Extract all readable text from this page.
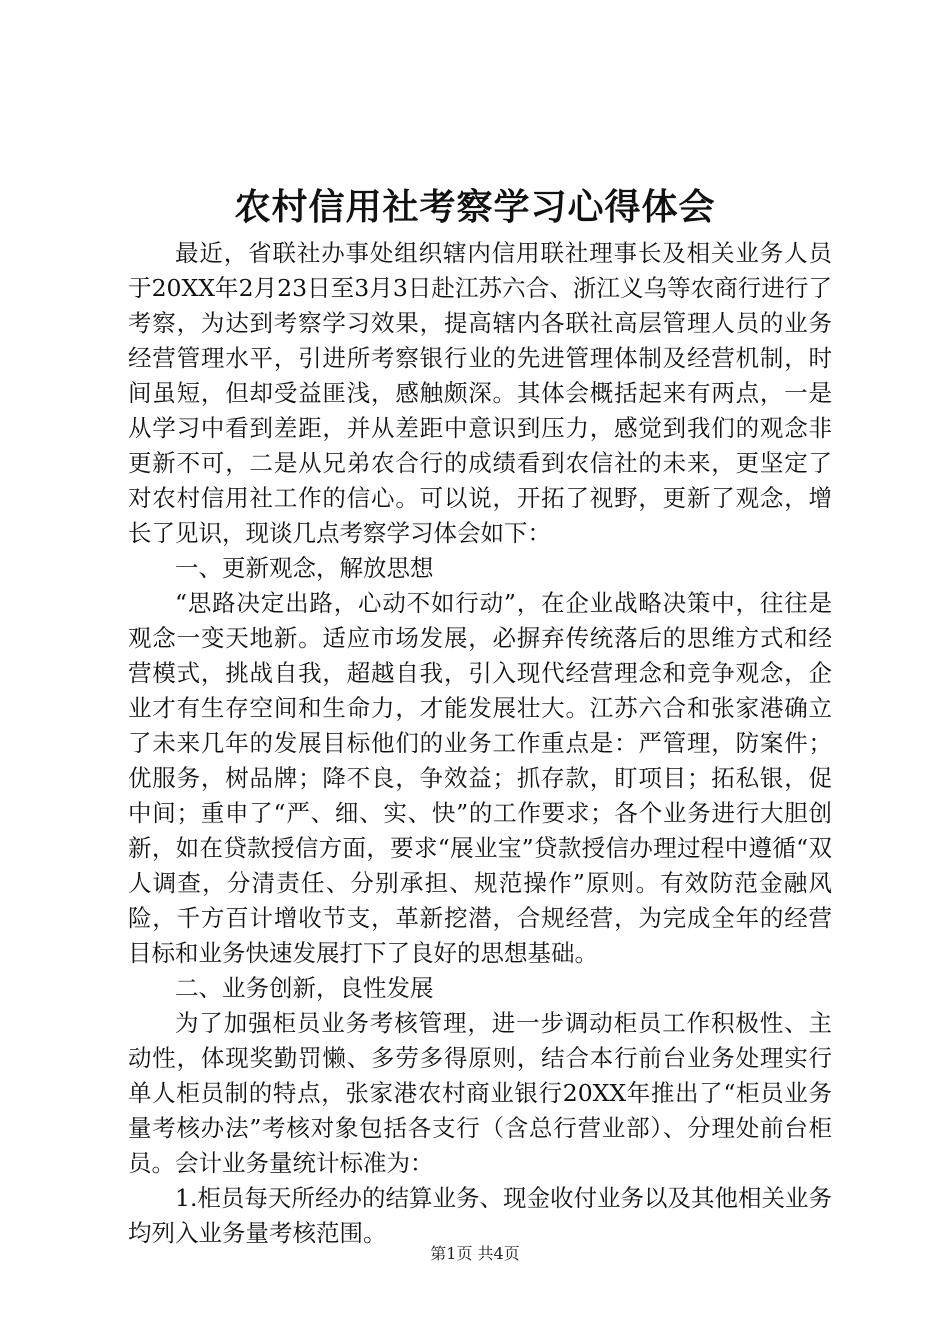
农村信用社考察学习心得体会

最近，省联社办事处组织辖内信用联社理事长及相关业务人员于20XX年2月23日至3月3日赴江苏六合、浙江义乌等农商行进行了考察，为达到考察学习效果，提高辖内各联社高层管理人员的业务经营管理水平，引进所考察银行业的先进管理体制及经营机制，时间虽短，但却受益匪浅，感触颇深。其体会概括起来有两点，一是从学习中看到差距，并从差距中意识到压力，感觉到我们的观念非更新不可，二是从兄弟农合行的成绩看到农信社的未来，更坚定了对农村信用社工作的信心。可以说，开拓了视野，更新了观念，增长了见识，现谈几点考察学习体会如下：

一、更新观念，解放思想

“思路决定出路，心动不如行动”，在企业战略决策中，往往是观念一变天地新。适应市场发展，必摒弃传统落后的思维方式和经营模式，挑战自我，超越自我，引入现代经营理念和竞争观念，企业才有生存空间和生命力，才能发展壮大。江苏六合和张家港确立了未来几年的发展目标他们的业务工作重点是：严管理，防案件；优服务，树品牌；降不良，争效益；抓存款，盯项目；拓私银，促中间；重申了“严、细、实、快”的工作要求；各个业务进行大胆创新，如在贷款授信方面，要求“展业宝”贷款授信办理过程中遵循“双人调查，分清责任、分别承担、规范操作”原则。有效防范金融风险，千方百计增收节支，革新挖潜，合规经营，为完成全年的经营目标和业务快速发展打下了良好的思想基础。

二、业务创新，良性发展

为了加强柜员业务考核管理，进一步调动柜员工作积极性、主动性，体现奖勤罚懒、多劳多得原则，结合本行前台业务处理实行单人柜员制的特点，张家港农村商业银行20XX年推出了“柜员业务量考核办法”考核对象包括各支行（含总行营业部）、分理处前台柜员。会计业务量统计标准为：

1.柜员每天所经办的结算业务、现金收付业务以及其他相关业务均列入业务量考核范围。

第1页 共4页
